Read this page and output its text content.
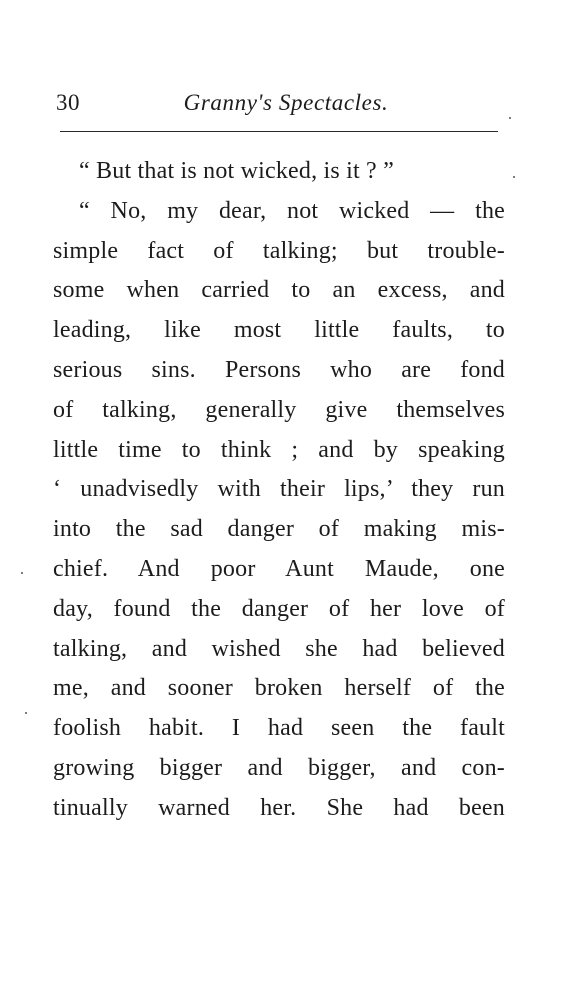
30	Granny's Spectacles.
“ But that is not wicked, is it ? ”
“ No, my dear, not wicked — the
simple fact of talking; but trouble-
some when carried to an excess, and
leading, like most little faults, to
serious sins. Persons who are fond
of talking, generally give themselves
little time to think ; and by speaking
‘ unadvisedly with their lips,’ they run
into the sad danger of making mis-
chief. And poor Aunt Maude, one
day, found the danger of her love of
talking, and wished she had believed
me, and sooner broken herself of the
foolish habit. I had seen the fault
growing bigger and bigger, and con-
tinually warned her. She had been
